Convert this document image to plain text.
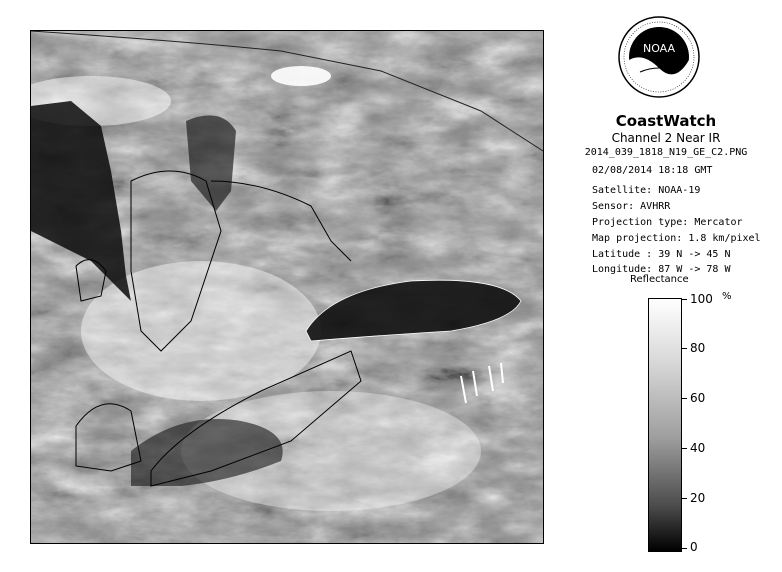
NOAA
CoastWatch
Channel 2 Near IR
2014_039_1818_N19_GE_C2.PNG
02/08/2014 18:18 GMT
Satellite: NOAA-19
Sensor: AVHRR
Projection type: Mercator
Map projection: 1.8 km/pixel
Latitude : 39 N -> 45 N
Longitude: 87 W -> 78 W
Reflectance
%
100
80
60
40
20
0
